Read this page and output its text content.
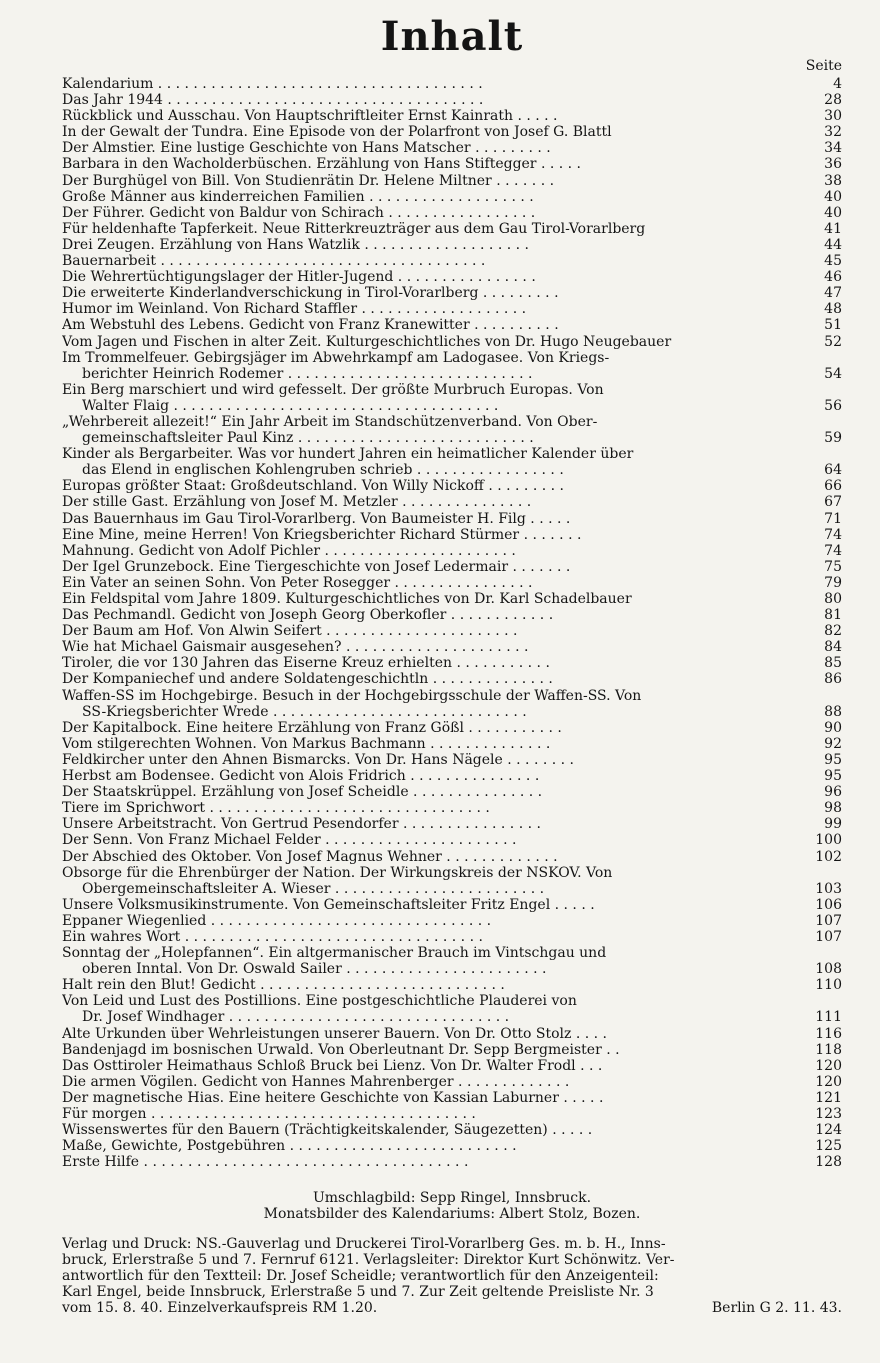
Inhalt
Seite
Kalendarium . . . . . . . . . . . . . . . . . . . . . . . . . . . . . . . . . . . . .	4
Das Jahr 1944 . . . . . . . . . . . . . . . . . . . . . . . . . . . . . . . . . . . .	28
Rückblick und Ausschau. Von Hauptschriftleiter Ernst Kainrath . . . . .	30
In der Gewalt der Tundra. Eine Episode von der Polarfront von Josef G. Blattl	32
Der Almstier. Eine lustige Geschichte von Hans Matscher . . . . . . . . .	34
Barbara in den Wacholderbüschen. Erzählung von Hans Stiftegger . . . . .	36
Der Burghügel von Bill. Von Studienrätin Dr. Helene Miltner . . . . . . .	38
Große Männer aus kinderreichen Familien . . . . . . . . . . . . . . . . . . .	40
Der Führer. Gedicht von Baldur von Schirach . . . . . . . . . . . . . . . . .	40
Für heldenhafte Tapferkeit. Neue Ritterkreuzträger aus dem Gau Tirol-Vorarlberg	41
Drei Zeugen. Erzählung von Hans Watzlik . . . . . . . . . . . . . . . . . . .	44
Bauernarbeit . . . . . . . . . . . . . . . . . . . . . . . . . . . . . . . . . . . . .	45
Die Wehrertüchtigungslager der Hitler-Jugend . . . . . . . . . . . . . . . .	46
Die erweiterte Kinderlandverschickung in Tirol-Vorarlberg . . . . . . . . .	47
Humor im Weinland. Von Richard Staffler . . . . . . . . . . . . . . . . . . .	48
Am Webstuhl des Lebens. Gedicht von Franz Kranewitter . . . . . . . . . .	51
Vom Jagen und Fischen in alter Zeit. Kulturgeschichtliches von Dr. Hugo Neugebauer	52
Im Trommelfeuer. Gebirgsjäger im Abwehrkampf am Ladogasee. Von Kriegs-
berichter Heinrich Rodemer . . . . . . . . . . . . . . . . . . . . . . . . . . . .	54
Ein Berg marschiert und wird gefesselt. Der größte Murbruch Europas. Von
Walter Flaig . . . . . . . . . . . . . . . . . . . . . . . . . . . . . . . . . . . . .	56
„Wehrbereit allezeit!“ Ein Jahr Arbeit im Standschützenverband. Von Ober-
gemeinschaftsleiter Paul Kinz . . . . . . . . . . . . . . . . . . . . . . . . . . .	59
Kinder als Bergarbeiter. Was vor hundert Jahren ein heimatlicher Kalender über
das Elend in englischen Kohlengruben schrieb . . . . . . . . . . . . . . . . .	64
Europas größter Staat: Großdeutschland. Von Willy Nickoff . . . . . . . . .	66
Der stille Gast. Erzählung von Josef M. Metzler . . . . . . . . . . . . . . .	67
Das Bauernhaus im Gau Tirol-Vorarlberg. Von Baumeister H. Filg . . . . .	71
Eine Mine, meine Herren! Von Kriegsberichter Richard Stürmer . . . . . . .	74
Mahnung. Gedicht von Adolf Pichler . . . . . . . . . . . . . . . . . . . . . .	74
Der Igel Grunzebock. Eine Tiergeschichte von Josef Ledermair . . . . . . .	75
Ein Vater an seinen Sohn. Von Peter Rosegger . . . . . . . . . . . . . . . .	79
Ein Feldspital vom Jahre 1809. Kulturgeschichtliches von Dr. Karl Schadelbauer	80
Das Pechmandl. Gedicht von Joseph Georg Oberkofler . . . . . . . . . . . .	81
Der Baum am Hof. Von Alwin Seifert . . . . . . . . . . . . . . . . . . . . . .	82
Wie hat Michael Gaismair ausgesehen? . . . . . . . . . . . . . . . . . . . . .	84
Tiroler, die vor 130 Jahren das Eiserne Kreuz erhielten . . . . . . . . . . .	85
Der Kompaniechef und andere Soldatengeschichtln . . . . . . . . . . . . . .	86
Waffen-SS im Hochgebirge. Besuch in der Hochgebirgsschule der Waffen-SS. Von
SS-Kriegsberichter Wrede . . . . . . . . . . . . . . . . . . . . . . . . . . . . .	88
Der Kapitalbock. Eine heitere Erzählung von Franz Gößl . . . . . . . . . . .	90
Vom stilgerechten Wohnen. Von Markus Bachmann . . . . . . . . . . . . . .	92
Feldkircher unter den Ahnen Bismarcks. Von Dr. Hans Nägele . . . . . . . .	95
Herbst am Bodensee. Gedicht von Alois Fridrich . . . . . . . . . . . . . . .	95
Der Staatskrüppel. Erzählung von Josef Scheidle . . . . . . . . . . . . . . .	96
Tiere im Sprichwort . . . . . . . . . . . . . . . . . . . . . . . . . . . . . . . .	98
Unsere Arbeitstracht. Von Gertrud Pesendorfer . . . . . . . . . . . . . . . .	99
Der Senn. Von Franz Michael Felder . . . . . . . . . . . . . . . . . . . . . .	100
Der Abschied des Oktober. Von Josef Magnus Wehner . . . . . . . . . . . . .	102
Obsorge für die Ehrenbürger der Nation. Der Wirkungskreis der NSKOV. Von
Obergemeinschaftsleiter A. Wieser . . . . . . . . . . . . . . . . . . . . . . . .	103
Unsere Volksmusikinstrumente. Von Gemeinschaftsleiter Fritz Engel . . . . .	106
Eppaner Wiegenlied . . . . . . . . . . . . . . . . . . . . . . . . . . . . . . . .	107
Ein wahres Wort . . . . . . . . . . . . . . . . . . . . . . . . . . . . . . . . . .	107
Sonntag der „Holepfannen“. Ein altgermanischer Brauch im Vintschgau und
oberen Inntal. Von Dr. Oswald Sailer . . . . . . . . . . . . . . . . . . . . . . .	108
Halt rein den Blut! Gedicht . . . . . . . . . . . . . . . . . . . . . . . . . . . .	110
Von Leid und Lust des Postillions. Eine postgeschichtliche Plauderei von
Dr. Josef Windhager . . . . . . . . . . . . . . . . . . . . . . . . . . . . . . . .	111
Alte Urkunden über Wehrleistungen unserer Bauern. Von Dr. Otto Stolz . . . .	116
Bandenjagd im bosnischen Urwald. Von Oberleutnant Dr. Sepp Bergmeister . .	118
Das Osttiroler Heimathaus Schloß Bruck bei Lienz. Von Dr. Walter Frodl . . .	120
Die armen Vögilen. Gedicht von Hannes Mahrenberger . . . . . . . . . . . . .	120
Der magnetische Hias. Eine heitere Geschichte von Kassian Laburner . . . . .	121
Für morgen . . . . . . . . . . . . . . . . . . . . . . . . . . . . . . . . . . . . .	123
Wissenswertes für den Bauern (Trächtigkeitskalender, Säugezetten) . . . . .	124
Maße, Gewichte, Postgebühren . . . . . . . . . . . . . . . . . . . . . . . . . .	125
Erste Hilfe . . . . . . . . . . . . . . . . . . . . . . . . . . . . . . . . . . . . .	128
Umschlagbild: Sepp Ringel, Innsbruck.
Monatsbilder des Kalendariums: Albert Stolz, Bozen.
Verlag und Druck: NS.-Gauverlag und Druckerei Tirol-Vorarlberg Ges. m. b. H., Inns-
bruck, Erlerstraße 5 und 7. Fernruf 6121. Verlagsleiter: Direktor Kurt Schönwitz. Ver-
antwortlich für den Textteil: Dr. Josef Scheidle; verantwortlich für den Anzeigenteil:
Karl Engel, beide Innsbruck, Erlerstraße 5 und 7. Zur Zeit geltende Preisliste Nr. 3
vom 15. 8. 40. Einzelverkaufspreis RM 1.20.	Berlin G 2. 11. 43.
